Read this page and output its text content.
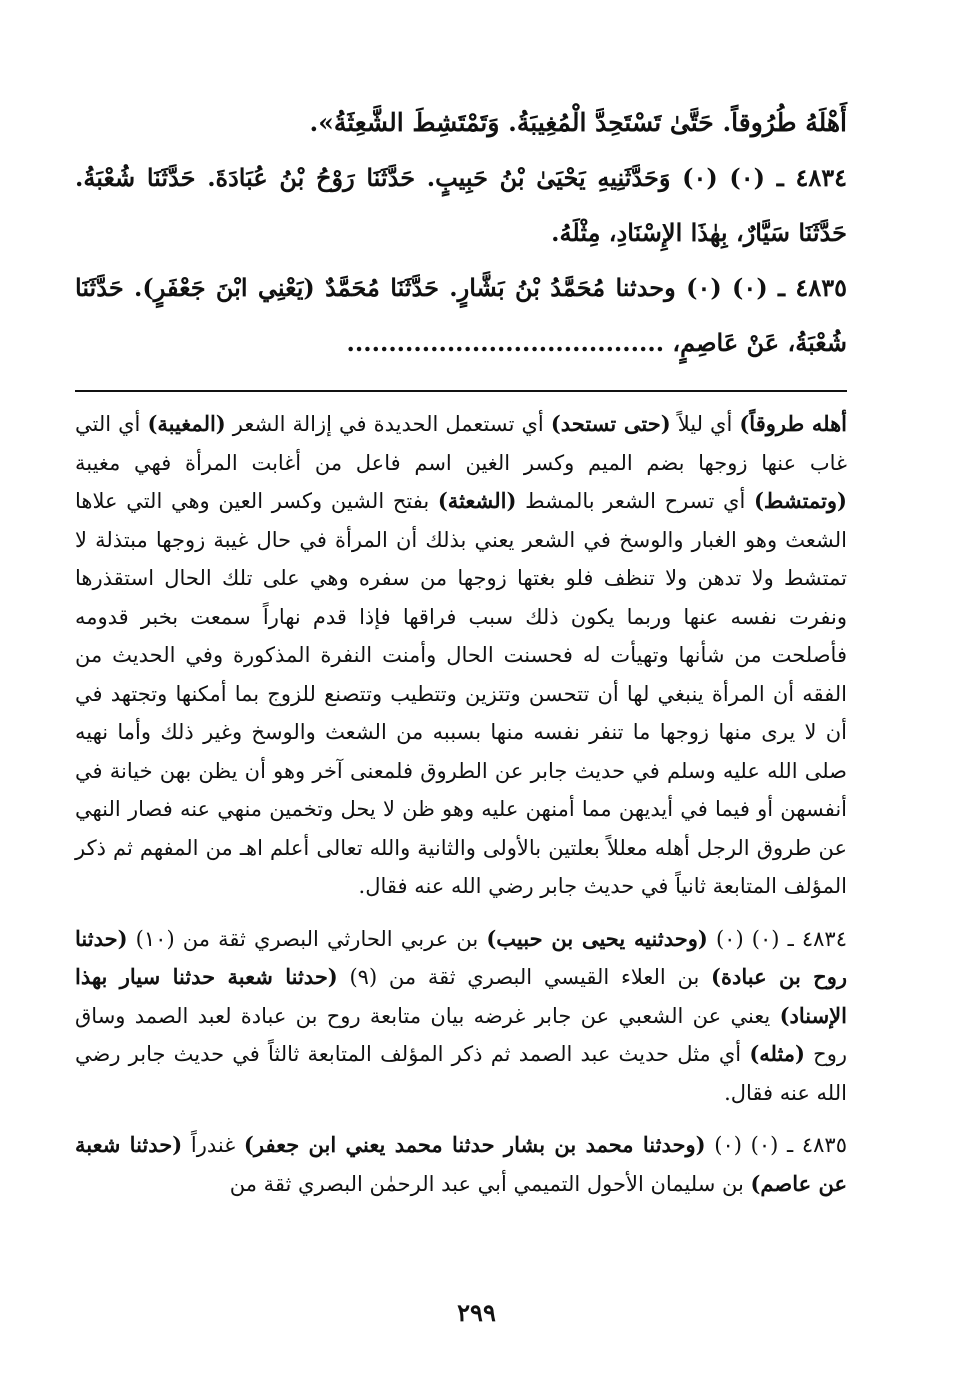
أَهْلَهُ طُرُوقاً. حَتَّىٰ تَسْتَحِدَّ الْمُغِيبَةُ. وَتَمْتَشِطَ الشَّعِثَةُ».

٤٨٣٤ ـ (٠) (٠) وَحَدَّثَنِيهِ يَحْيَىٰ بْنُ حَبِيبٍ. حَدَّثَنَا رَوْحُ بْنُ عُبَادَةَ. حَدَّثَنَا شُعْبَةُ. حَدَّثَنَا سَيَّارٌ، بِهٰذَا الإِسْنَادِ، مِثْلَهُ.

٤٨٣٥ ـ (٠) (٠) وحدثنا مُحَمَّدُ بْنُ بَشَّارٍ. حَدَّثَنَا مُحَمَّدٌ (يَعْنِي ابْنَ جَعْفَرٍ). حَدَّثَنَا شُعْبَةُ، عَنْ عَاصِمٍ، ......................................

أهله طروقاً) أي ليلاً (حتى تستحد) أي تستعمل الحديدة في إزالة الشعر (المغيبة) أي التي غاب عنها زوجها بضم الميم وكسر الغين اسم فاعل من أغابت المرأة فهي مغيبة (وتمتشط) أي تسرح الشعر بالمشط (الشعثة) بفتح الشين وكسر العين وهي التي علاها الشعث وهو الغبار والوسخ في الشعر يعني بذلك أن المرأة في حال غيبة زوجها مبتذلة لا تمتشط ولا تدهن ولا تنظف فلو بغتها زوجها من سفره وهي على تلك الحال استقذرها ونفرت نفسه عنها وربما يكون ذلك سبب فراقها فإذا قدم نهاراً سمعت بخبر قدومه فأصلحت من شأنها وتهيأت له فحسنت الحال وأمنت النفرة المذكورة وفي الحديث من الفقه أن المرأة ينبغي لها أن تتحسن وتتزين وتتطيب وتتصنع للزوج بما أمكنها وتجتهد في أن لا يرى منها زوجها ما تنفر نفسه منها بسببه من الشعث والوسخ وغير ذلك وأما نهيه صلى الله عليه وسلم في حديث جابر عن الطروق فلمعنى آخر وهو أن يظن بهن خيانة في أنفسهن أو فيما في أيديهن مما أمنهن عليه وهو ظن لا يحل وتخمين منهي عنه فصار النهي عن طروق الرجل أهله معللاً بعلتين بالأولى والثانية والله تعالى أعلم اهـ من المفهم ثم ذكر المؤلف المتابعة ثانياً في حديث جابر رضي الله عنه فقال.

٤٨٣٤ ـ (٠) (٠) (وحدثنيه يحيى بن حبيب) بن عربي الحارثي البصري ثقة من (١٠) (حدثنا روح بن عبادة) بن العلاء القيسي البصري ثقة من (٩) (حدثنا شعبة حدثنا سيار بهذا الإسناد) يعني عن الشعبي عن جابر غرضه بيان متابعة روح بن عبادة لعبد الصمد وساق روح (مثله) أي مثل حديث عبد الصمد ثم ذكر المؤلف المتابعة ثالثاً في حديث جابر رضي الله عنه فقال.

٤٨٣٥ ـ (٠) (٠) (وحدثنا محمد بن بشار حدثنا محمد يعني ابن جعفر) غندراً (حدثنا شعبة عن عاصم) بن سليمان الأحول التميمي أبي عبد الرحمٰن البصري ثقة من

٢٩٩
